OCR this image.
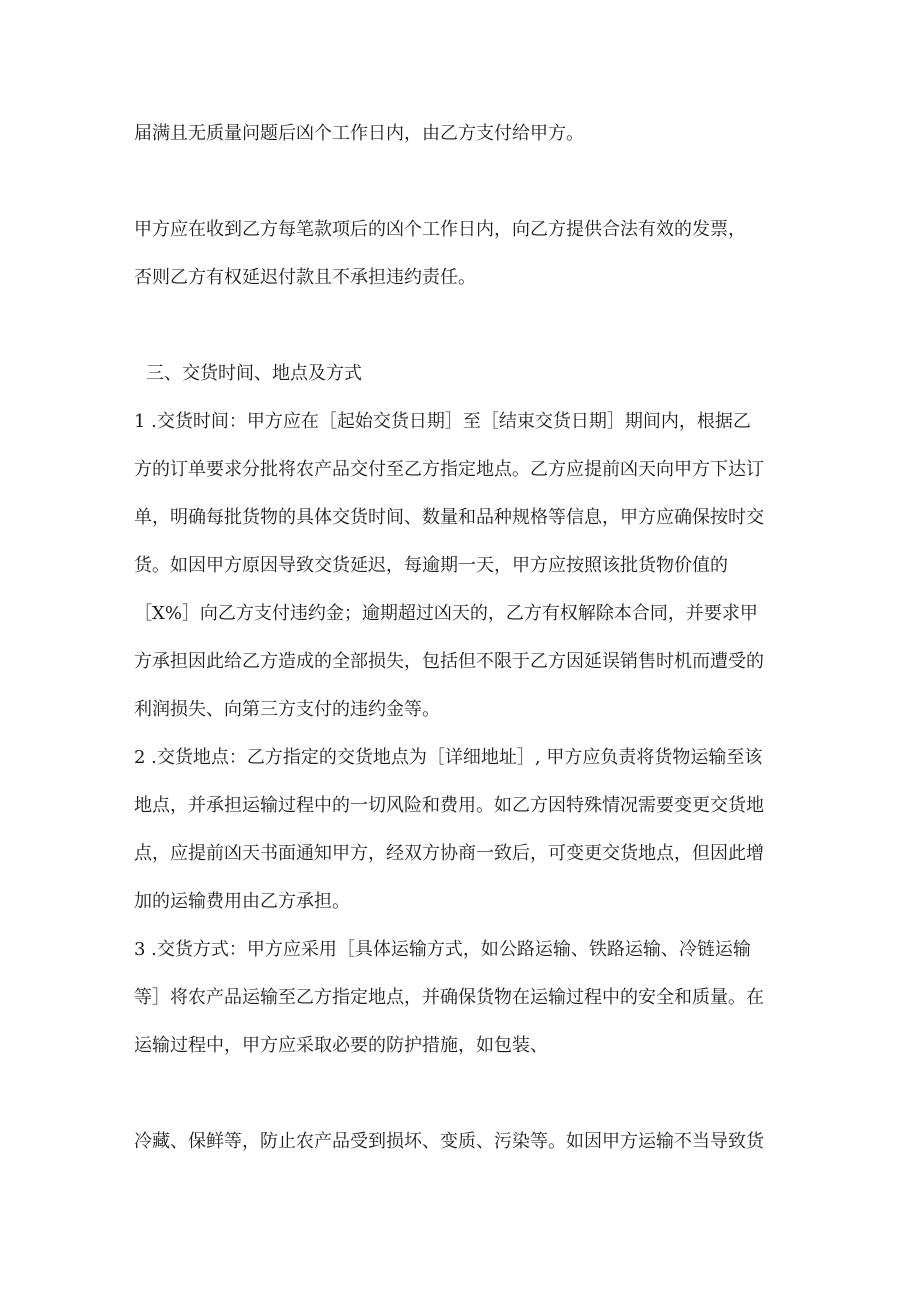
届满且无质量问题后凶个工作日内，由乙方支付给甲方。
甲方应在收到乙方每笔款项后的凶个工作日内，向乙方提供合法有效的发票，
否则乙方有权延迟付款且不承担违约责任。
三、交货时间、地点及方式
1 .交货时间：甲方应在［起始交货日期］至［结束交货日期］期间内，根据乙
方的订单要求分批将农产品交付至乙方指定地点。乙方应提前凶天向甲方下达订
单，明确每批货物的具体交货时间、数量和品种规格等信息，甲方应确保按时交
货。如因甲方原因导致交货延迟，每逾期一天，甲方应按照该批货物价值的
［X%］向乙方支付违约金；逾期超过凶天的，乙方有权解除本合同，并要求甲
方承担因此给乙方造成的全部损失，包括但不限于乙方因延误销售时机而遭受的
利润损失、向第三方支付的违约金等。
2 .交货地点：乙方指定的交货地点为［详细地址］, 甲方应负责将货物运输至该
地点，并承担运输过程中的一切风险和费用。如乙方因特殊情况需要变更交货地
点，应提前凶天书面通知甲方，经双方协商一致后，可变更交货地点，但因此增
加的运输费用由乙方承担。
3 .交货方式：甲方应采用［具体运输方式，如公路运输、铁路运输、冷链运输
等］将农产品运输至乙方指定地点，并确保货物在运输过程中的安全和质量。在
运输过程中，甲方应采取必要的防护措施，如包装、
冷藏、保鲜等，防止农产品受到损坏、变质、污染等。如因甲方运输不当导致货
